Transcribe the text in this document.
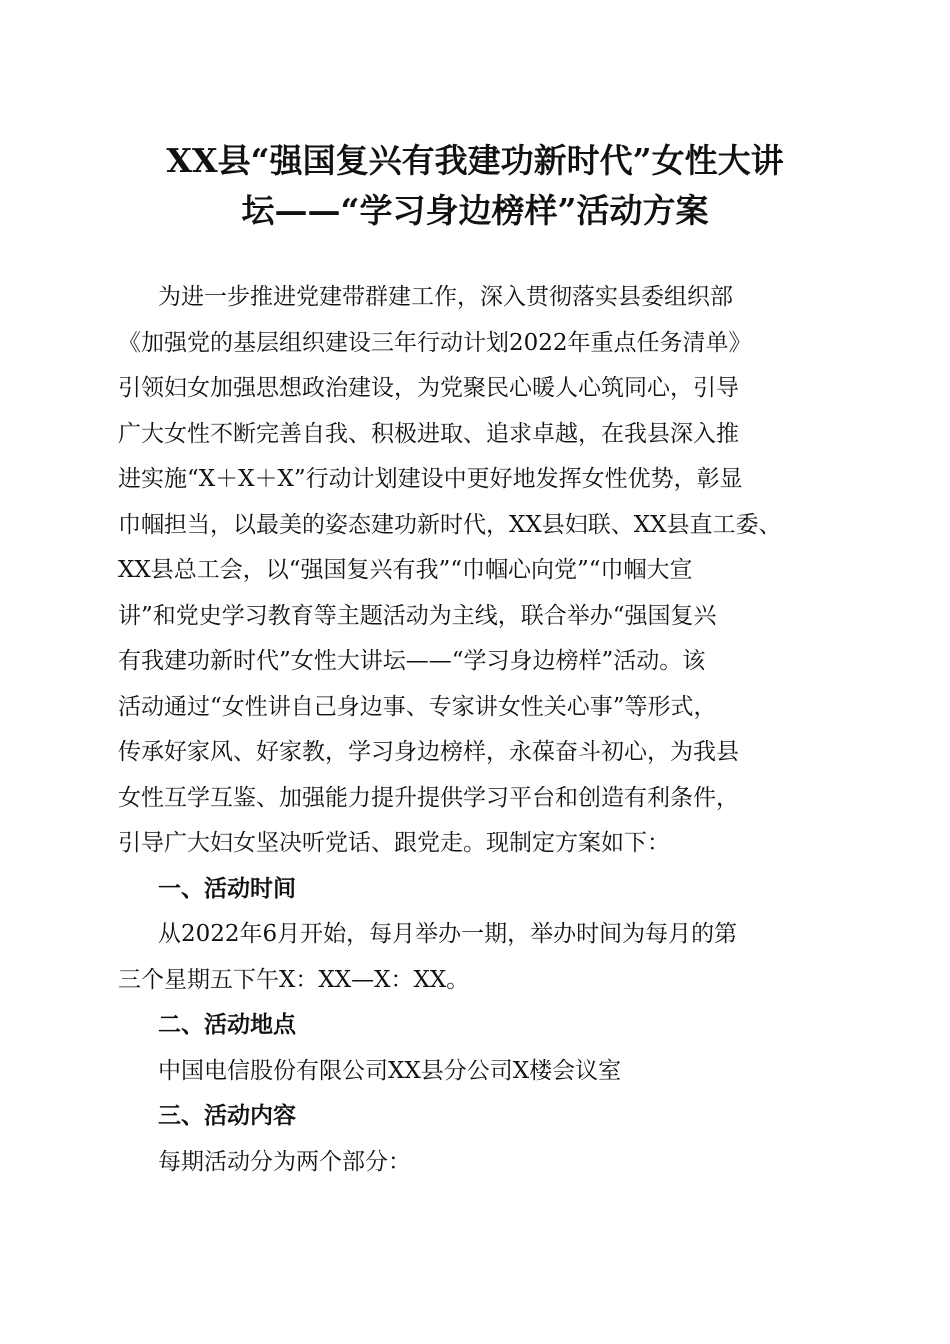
XX县“强国复兴有我建功新时代”女性大讲
坛——“学习身边榜样”活动方案
为进一步推进党建带群建工作，深入贯彻落实县委组织部
《加强党的基层组织建设三年行动计划2022年重点任务清单》
引领妇女加强思想政治建设，为党聚民心暖人心筑同心，引导
广大女性不断完善自我、积极进取、追求卓越，在我县深入推
进实施“X＋X＋X”行动计划建设中更好地发挥女性优势，彰显
巾帼担当，以最美的姿态建功新时代，XX县妇联、XX县直工委、
XX县总工会，以“强国复兴有我”“巾帼心向党”“巾帼大宣
讲”和党史学习教育等主题活动为主线，联合举办“强国复兴
有我建功新时代”女性大讲坛——“学习身边榜样”活动。该
活动通过“女性讲自己身边事、专家讲女性关心事”等形式，
传承好家风、好家教，学习身边榜样，永葆奋斗初心，为我县
女性互学互鉴、加强能力提升提供学习平台和创造有利条件，
引导广大妇女坚决听党话、跟党走。现制定方案如下：

一、活动时间

从2022年6月开始，每月举办一期，举办时间为每月的第
三个星期五下午X：XX—X：XX。

二、活动地点

中国电信股份有限公司XX县分公司X楼会议室

三、活动内容

每期活动分为两个部分：
